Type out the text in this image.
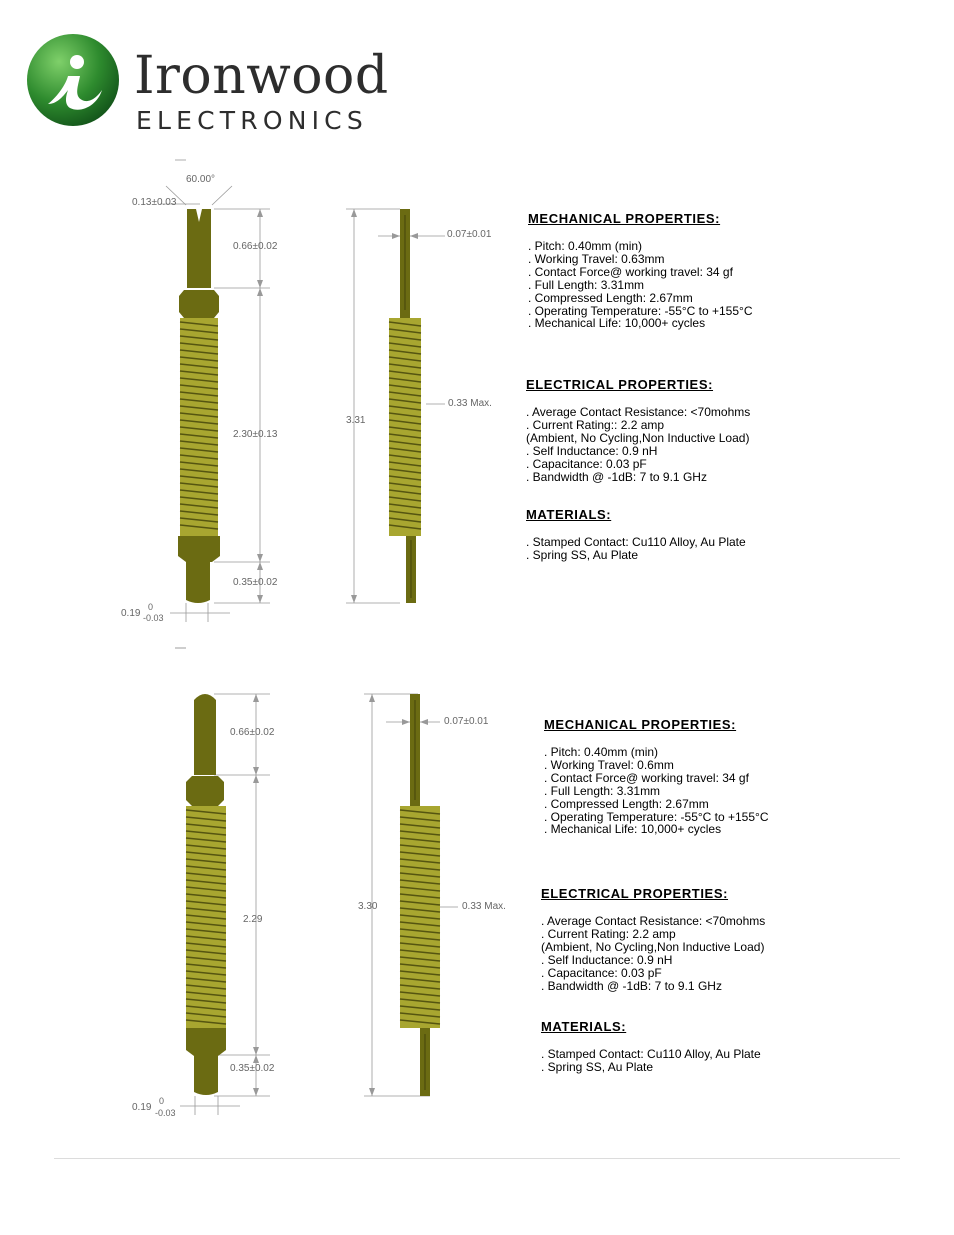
Ironwood
ELECTRONICS
60.00°
0.13±0.03
0.66±0.02
2.30±0.13
0.35±0.02
0.19
0
-0.03
0.07±0.01
0.33 Max.
3.31
MECHANICAL PROPERTIES:
. Pitch: 0.40mm (min)
. Working Travel: 0.63mm
. Contact Force@ working travel: 34 gf
. Full Length: 3.31mm
. Compressed Length: 2.67mm
. Operating Temperature: -55°C to +155°C
. Mechanical Life: 10,000+ cycles
ELECTRICAL PROPERTIES:
. Average Contact Resistance: <70mohms
. Current Rating:: 2.2 amp
(Ambient, No Cycling,Non Inductive Load)
. Self Inductance: 0.9 nH
. Capacitance: 0.03 pF
. Bandwidth @ -1dB: 7 to 9.1 GHz
MATERIALS:
. Stamped Contact: Cu110 Alloy, Au Plate
. Spring SS, Au Plate
0.66±0.02
2.29
0.35±0.02
0.19
0
-0.03
0.07±0.01
0.33 Max.
3.30
MECHANICAL PROPERTIES:
. Pitch: 0.40mm (min)
. Working Travel: 0.6mm
. Contact Force@ working travel: 34 gf
. Full Length: 3.31mm
. Compressed Length: 2.67mm
. Operating Temperature: -55°C to +155°C
. Mechanical Life: 10,000+ cycles
ELECTRICAL PROPERTIES:
. Average Contact Resistance: <70mohms
. Current Rating: 2.2 amp
(Ambient, No Cycling,Non Inductive Load)
. Self Inductance: 0.9 nH
. Capacitance: 0.03 pF
. Bandwidth @ -1dB: 7 to 9.1 GHz
MATERIALS:
. Stamped Contact: Cu110 Alloy, Au Plate
. Spring SS, Au Plate
